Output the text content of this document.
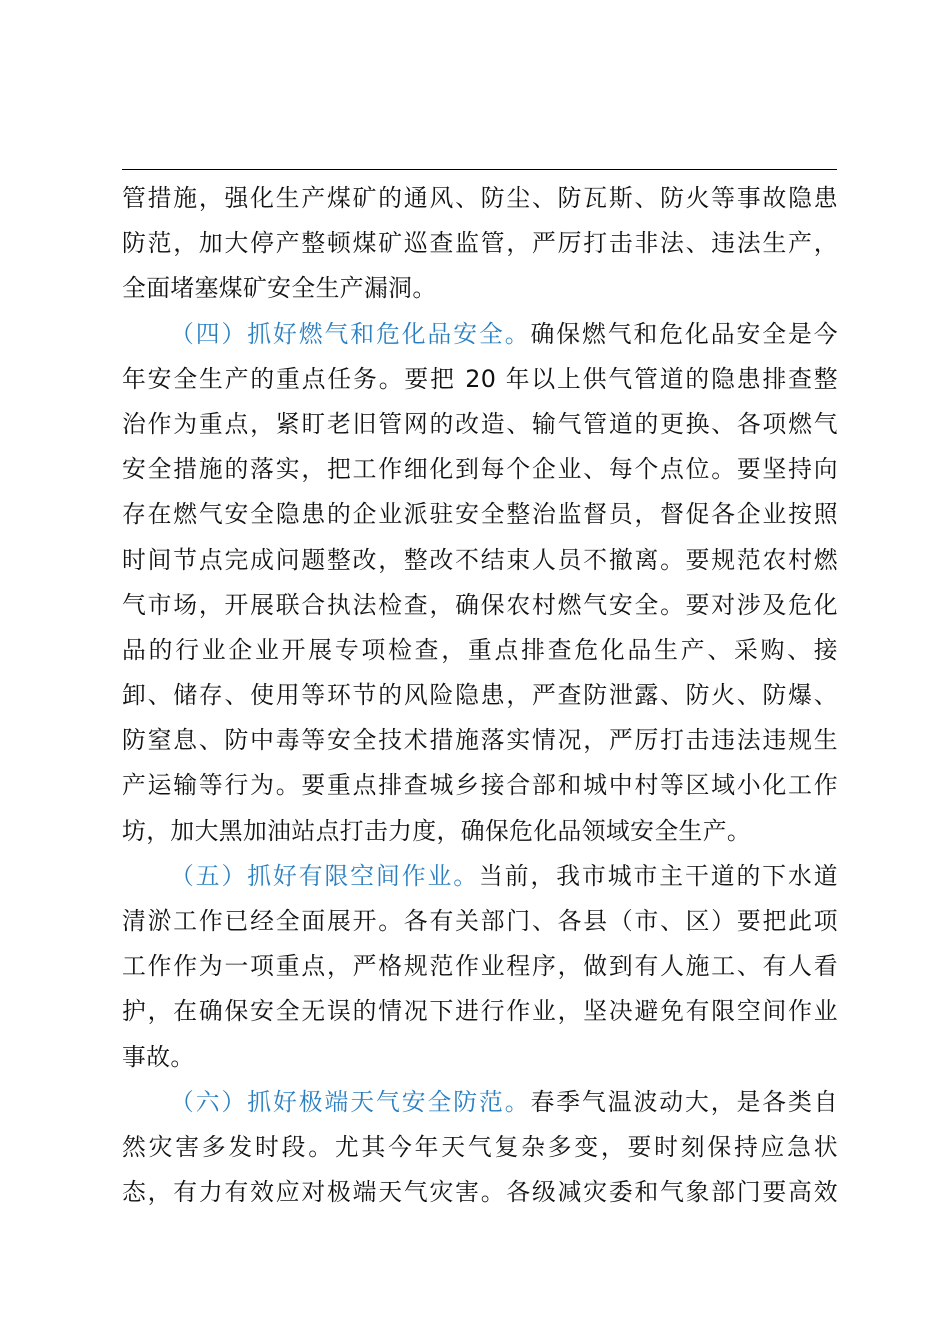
管措施，强化生产煤矿的通风、防尘、防瓦斯、防火等事故隐患
防范，加大停产整顿煤矿巡查监管，严厉打击非法、违法生产，
全面堵塞煤矿安全生产漏洞。
（四）抓好燃气和危化品安全。确保燃气和危化品安全是今
年安全生产的重点任务。要把 20 年以上供气管道的隐患排查整
治作为重点，紧盯老旧管网的改造、输气管道的更换、各项燃气
安全措施的落实，把工作细化到每个企业、每个点位。要坚持向
存在燃气安全隐患的企业派驻安全整治监督员，督促各企业按照
时间节点完成问题整改，整改不结束人员不撤离。要规范农村燃
气市场，开展联合执法检查，确保农村燃气安全。要对涉及危化
品的行业企业开展专项检查，重点排查危化品生产、采购、接
卸、储存、使用等环节的风险隐患，严查防泄露、防火、防爆、
防窒息、防中毒等安全技术措施落实情况，严厉打击违法违规生
产运输等行为。要重点排查城乡接合部和城中村等区域小化工作
坊，加大黑加油站点打击力度，确保危化品领域安全生产。
（五）抓好有限空间作业。当前，我市城市主干道的下水道
清淤工作已经全面展开。各有关部门、各县（市、区）要把此项
工作作为一项重点，严格规范作业程序，做到有人施工、有人看
护，在确保安全无误的情况下进行作业，坚决避免有限空间作业
事故。
（六）抓好极端天气安全防范。春季气温波动大，是各类自
然灾害多发时段。尤其今年天气复杂多变，要时刻保持应急状
态，有力有效应对极端天气灾害。各级减灾委和气象部门要高效
